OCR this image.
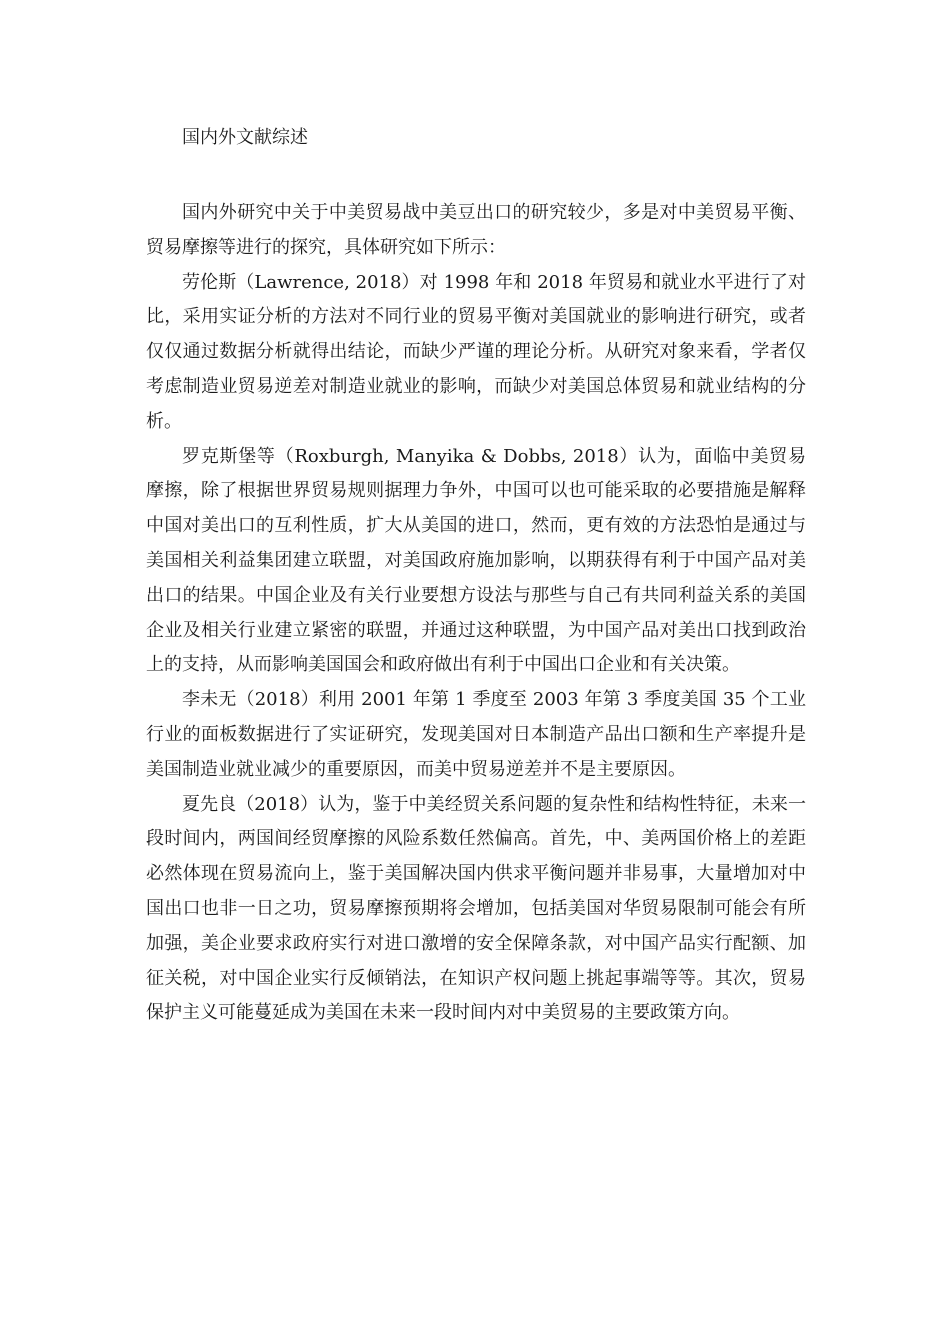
国内外文献综述

国内外研究中关于中美贸易战中美豆出口的研究较少，多是对中美贸易平衡、贸易摩擦等进行的探究，具体研究如下所示：

劳伦斯（Lawrence, 2018）对 1998 年和 2018 年贸易和就业水平进行了对比，采用实证分析的方法对不同行业的贸易平衡对美国就业的影响进行研究，或者仅仅通过数据分析就得出结论，而缺少严谨的理论分析。从研究对象来看，学者仅考虑制造业贸易逆差对制造业就业的影响，而缺少对美国总体贸易和就业结构的分析。

罗克斯堡等（Roxburgh, Manyika & Dobbs, 2018）认为，面临中美贸易摩擦，除了根据世界贸易规则据理力争外，中国可以也可能采取的必要措施是解释中国对美出口的互利性质，扩大从美国的进口，然而，更有效的方法恐怕是通过与美国相关利益集团建立联盟，对美国政府施加影响，以期获得有利于中国产品对美出口的结果。中国企业及有关行业要想方设法与那些与自己有共同利益关系的美国企业及相关行业建立紧密的联盟，并通过这种联盟，为中国产品对美出口找到政治上的支持，从而影响美国国会和政府做出有利于中国出口企业和有关决策。

李未无（2018）利用 2001 年第 1 季度至 2003 年第 3 季度美国 35 个工业行业的面板数据进行了实证研究，发现美国对日本制造产品出口额和生产率提升是美国制造业就业减少的重要原因，而美中贸易逆差并不是主要原因。

夏先良（2018）认为，鉴于中美经贸关系问题的复杂性和结构性特征，未来一段时间内，两国间经贸摩擦的风险系数任然偏高。首先，中、美两国价格上的差距必然体现在贸易流向上，鉴于美国解决国内供求平衡问题并非易事，大量增加对中国出口也非一日之功，贸易摩擦预期将会增加，包括美国对华贸易限制可能会有所加强，美企业要求政府实行对进口激增的安全保障条款，对中国产品实行配额、加征关税，对中国企业实行反倾销法，在知识产权问题上挑起事端等等。其次，贸易保护主义可能蔓延成为美国在未来一段时间内对中美贸易的主要政策方向。
